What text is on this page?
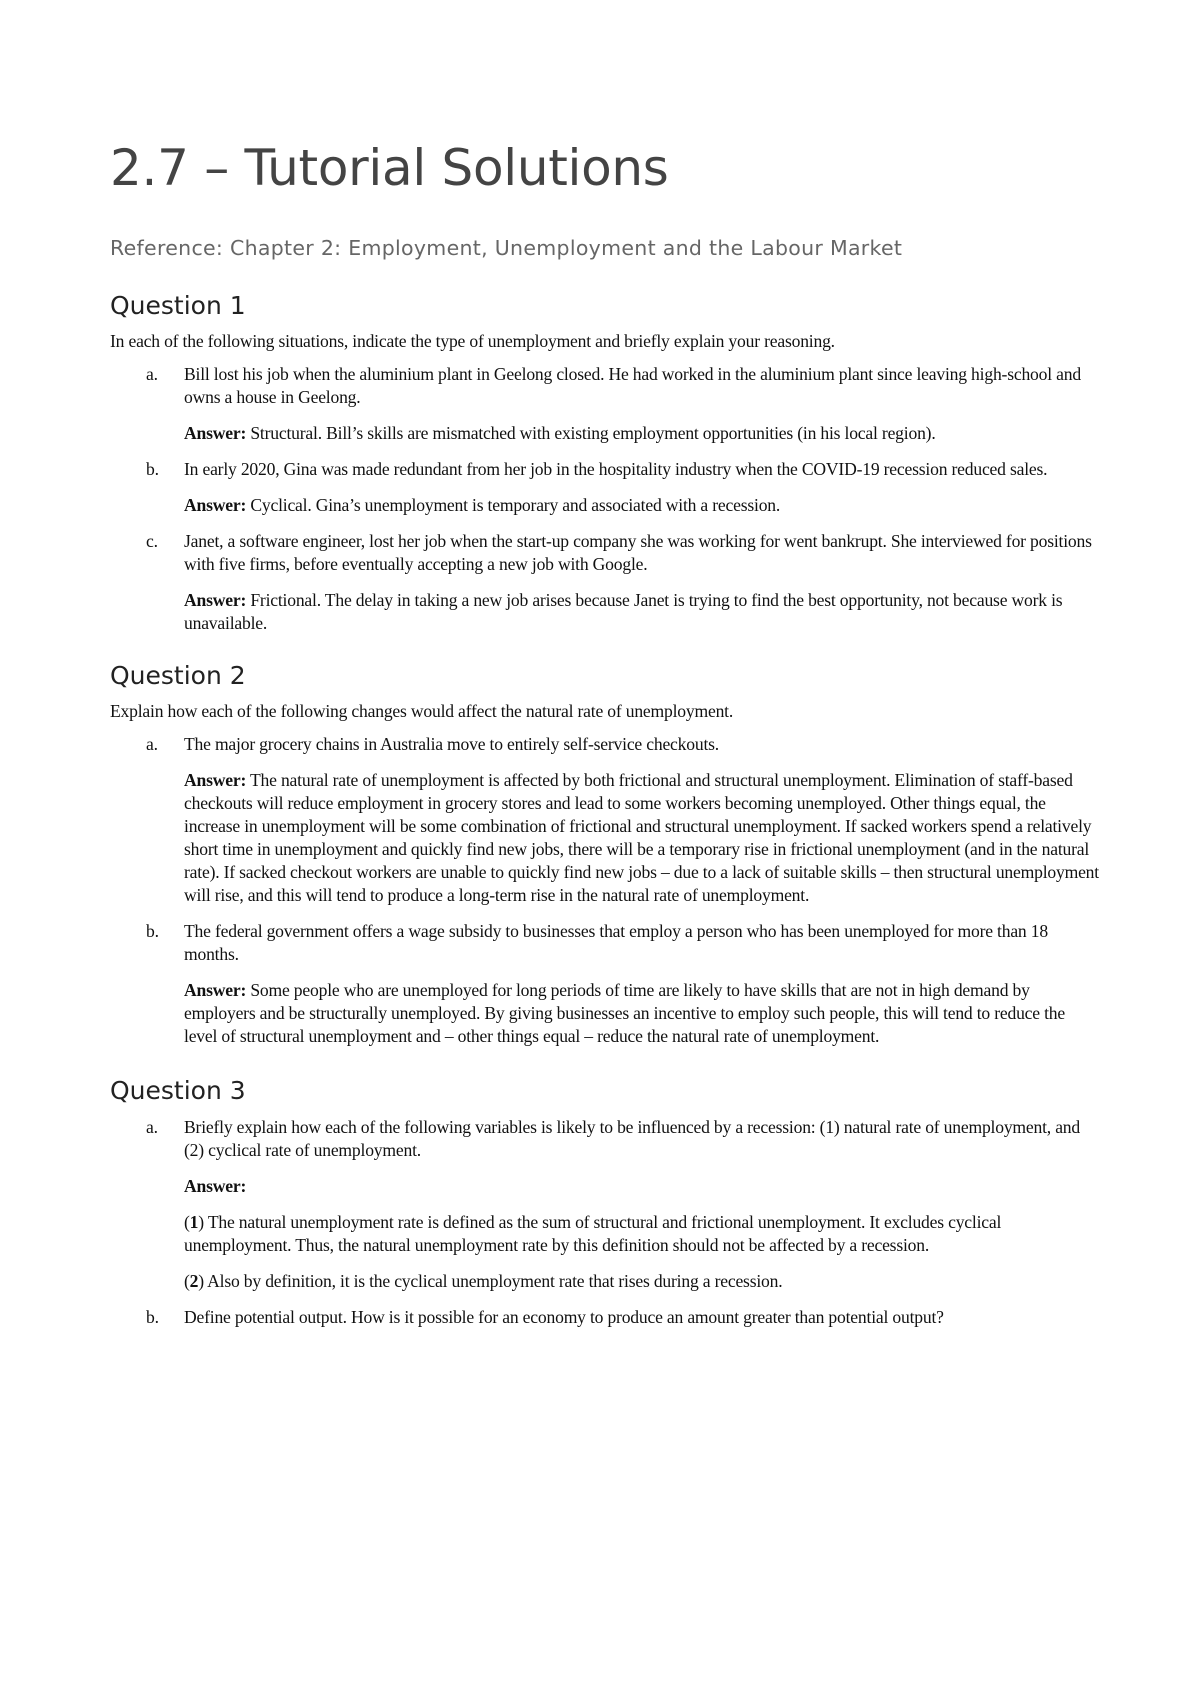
2.7 – Tutorial Solutions
Reference: Chapter 2: Employment, Unemployment and the Labour Market
Question 1
In each of the following situations, indicate the type of unemployment and briefly explain your reasoning.
a.	Bill lost his job when the aluminium plant in Geelong closed. He had worked in the aluminium plant since leaving high-school and owns a house in Geelong.
Answer: Structural. Bill’s skills are mismatched with existing employment opportunities (in his local region).
b.	In early 2020, Gina was made redundant from her job in the hospitality industry when the COVID-19 recession reduced sales.
Answer: Cyclical. Gina’s unemployment is temporary and associated with a recession.
c.	Janet, a software engineer, lost her job when the start-up company she was working for went bankrupt. She interviewed for positions with five firms, before eventually accepting a new job with Google.
Answer: Frictional. The delay in taking a new job arises because Janet is trying to find the best opportunity, not because work is unavailable.
Question 2
Explain how each of the following changes would affect the natural rate of unemployment.
a.	The major grocery chains in Australia move to entirely self-service checkouts.
Answer: The natural rate of unemployment is affected by both frictional and structural unemployment. Elimination of staff-based checkouts will reduce employment in grocery stores and lead to some workers becoming unemployed. Other things equal, the increase in unemployment will be some combination of frictional and structural unemployment. If sacked workers spend a relatively short time in unemployment and quickly find new jobs, there will be a temporary rise in frictional unemployment (and in the natural rate). If sacked checkout workers are unable to quickly find new jobs – due to a lack of suitable skills – then structural unemployment will rise, and this will tend to produce a long-term rise in the natural rate of unemployment.
b.	The federal government offers a wage subsidy to businesses that employ a person who has been unemployed for more than 18 months.
Answer: Some people who are unemployed for long periods of time are likely to have skills that are not in high demand by employers and be structurally unemployed. By giving businesses an incentive to employ such people, this will tend to reduce the level of structural unemployment and – other things equal – reduce the natural rate of unemployment.
Question 3
a.	Briefly explain how each of the following variables is likely to be influenced by a recession: (1) natural rate of unemployment, and (2) cyclical rate of unemployment.
Answer:
(1) The natural unemployment rate is defined as the sum of structural and frictional unemployment. It excludes cyclical unemployment. Thus, the natural unemployment rate by this definition should not be affected by a recession.
(2) Also by definition, it is the cyclical unemployment rate that rises during a recession.
b.	Define potential output. How is it possible for an economy to produce an amount greater than potential output?
